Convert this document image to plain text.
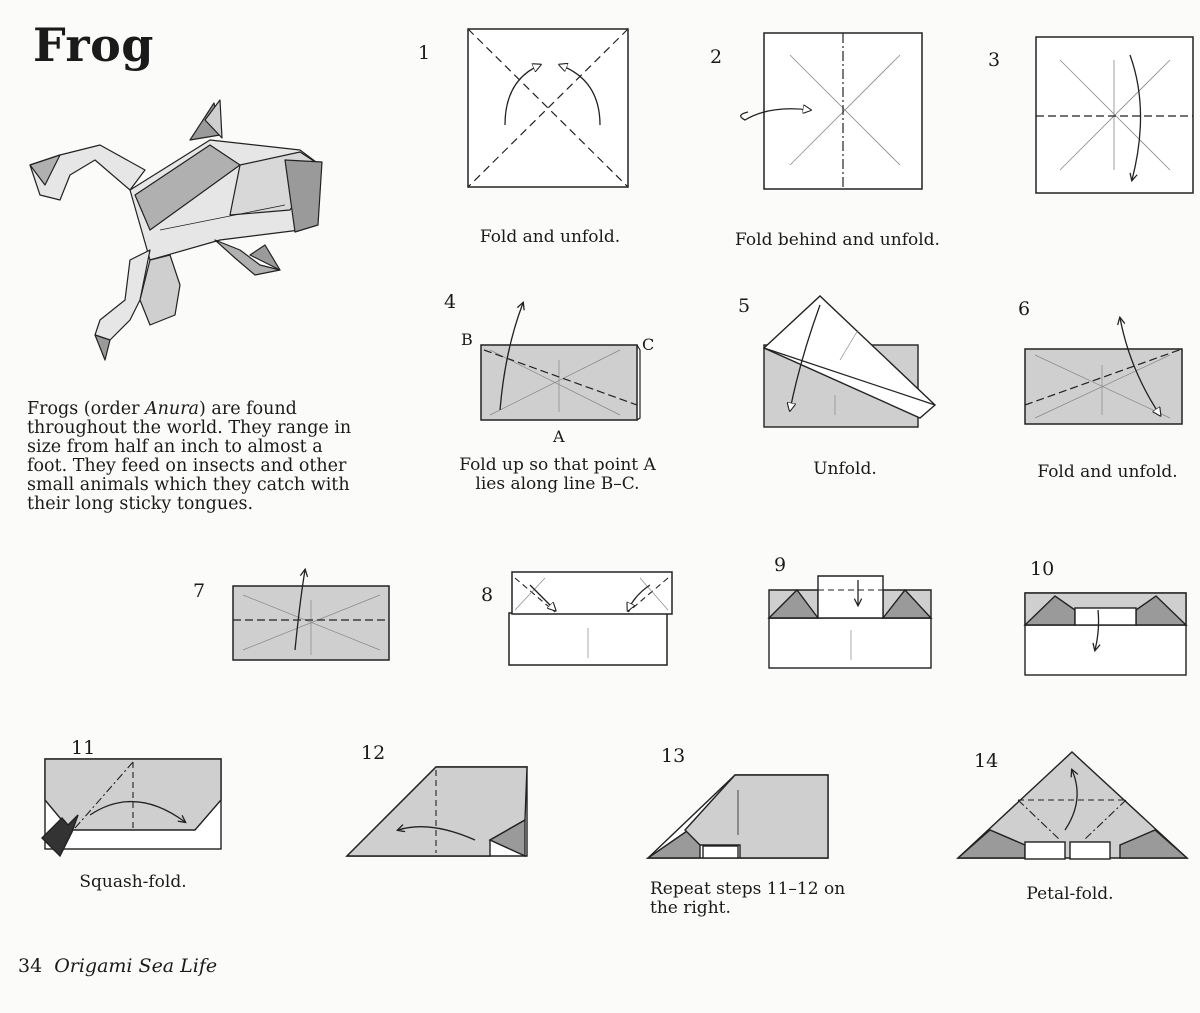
Frog
Frogs (order Anura) are found throughout the world. They range in size from half an inch to almost a foot. They feed on insects and other small animals which they catch with their long sticky tongues.
1	2	3
4	5	6
7	8
9	10
11	12	13	14
Fold and unfold.	Fold behind and unfold.
Fold up so that point A lies along line B–C.
Unfold.	Fold and unfold.
Squash-fold.	Repeat steps 11–12 on the right.
Petal-fold.
34 Origami Sea Life
B	C
A
